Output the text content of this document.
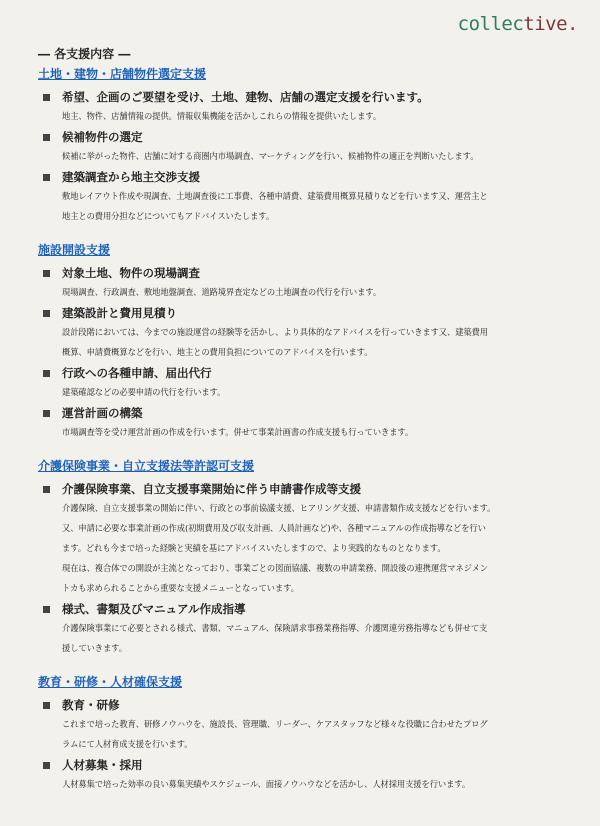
collective.
― 各支援内容 ―
土地・建物・店舗物件選定支援
希望、企画のご要望を受け、土地、建物、店舗の選定支援を行います。

地主、物件、店舗情報の提供。情報収集機能を活かしこれらの情報を提供いたします。

候補物件の選定

候補に挙がった物件、店舗に対する商圏内市場調査、マーケティングを行い、候補物件の適正を判断いたします。

建築調査から地主交渉支援

敷地レイアウト作成や現調査、土地調査後に工事費、各種申請費、建築費用概算見積りなどを行います又、運営主と

地主との費用分担などについてもアドバイスいたします。

施設開設支援
対象土地、物件の現場調査

現場調査、行政調査、敷地地盤調査、道路境界査定などの土地調査の代行を行います。

建築設計と費用見積り

設計段階においては、今までの施設運営の経験等を活かし、より具体的なアドバイスを行っていきます又、建築費用

概算、申請費概算などを行い、地主との費用負担についてのアドバイスを行います。

行政への各種申請、届出代行

建築確認などの必要申請の代行を行います。

運営計画の構築

市場調査等を受け運営計画の作成を行います。併せて事業計画書の作成支援も行っていきます。

介護保険事業・自立支援法等許認可支援
介護保険事業、自立支援事業開始に伴う申請書作成等支援

介護保険、自立支援事業の開始に伴い、行政との事前協議支援、ヒアリング支援、申請書類作成支援などを行います。

又、申請に必要な事業計画の作成(初期費用及び収支計画、人員計画など)や、各種マニュアルの作成指導などを行い

ます。どれも今まで培った経験と実績を基にアドバイスいたしますので、より実践的なものとなります。

現在は、複合体での開設が主流となっており、事業ごとの図面協議、複数の申請業務、開設後の連携運営マネジメン

トカも求められることから重要な支援メニューとなっています。

様式、書類及びマニュアル作成指導

介護保険事業にて必要とされる様式、書類、マニュアル、保険請求事務業務指導、介護関連労務指導なども併せて支

援していきます。

教育・研修・人材確保支援
教育・研修

これまで培った教育、研修ノウハウを、施設長、管理職、リーダー、ケアスタッフなど様々な役職に合わせたプログ

ラムにて人材育成支援を行います。

人材募集・採用

人材募集で培った効率の良い募集実績やスケジュール、面接ノウハウなどを活かし、人材採用支援を行います。
